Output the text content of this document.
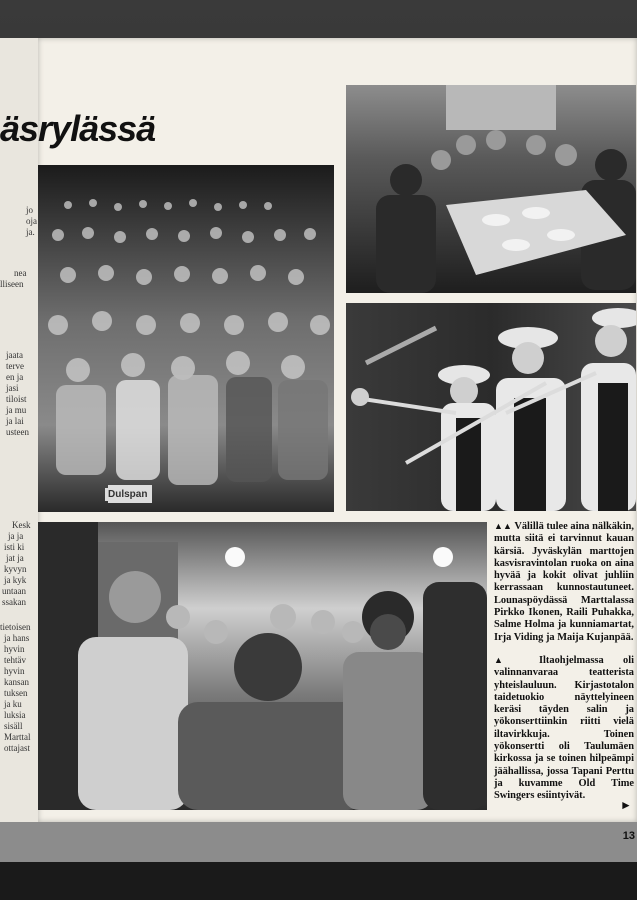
äsrylässä
jo
oja
ja.
nea
lliseen
jaata
terve
en ja
jasi
tiloist
ja mu
ja lai
usteen
Kesk
ja ja
isti ki
jat ja
kyvyn
ja kyk
untaan
ssakan
tietoisen
ja hans
hyvin
tehtäv
hyvin
kansan
tuksen
ja ku
luksia
sisäll
Marttal
ottajast
Dulspan

▲▲ Välillä tulee aina nälkäkin, mutta siitä ei tarvinnut kauan kärsiä. Jyväskylän marttojen kasvisravintolan ruoka on aina hyvää ja kokit olivat juhliin kerrassaan kunnostautuneet. Lounaspöydässä Marttalassa Pirkko Ikonen, Raili Puhakka, Salme Holma ja kunniamartat, Irja Viding ja Maija Kujanpää.

▲ Iltaohjelmassa oli valinnanvaraa teatterista yhteislauluun. Kirjastotalon taidetuokio näyttelyineen keräsi täyden salin ja yökonserttiinkin riitti vielä iltavirkkuja. Toinen yökonsertti oli Taulumäen kirkossa ja se toinen hilpeämpi jäähallissa, jossa Tapani Perttu ja kuvamme Old Time Swingers esiintyivät.

►
13
